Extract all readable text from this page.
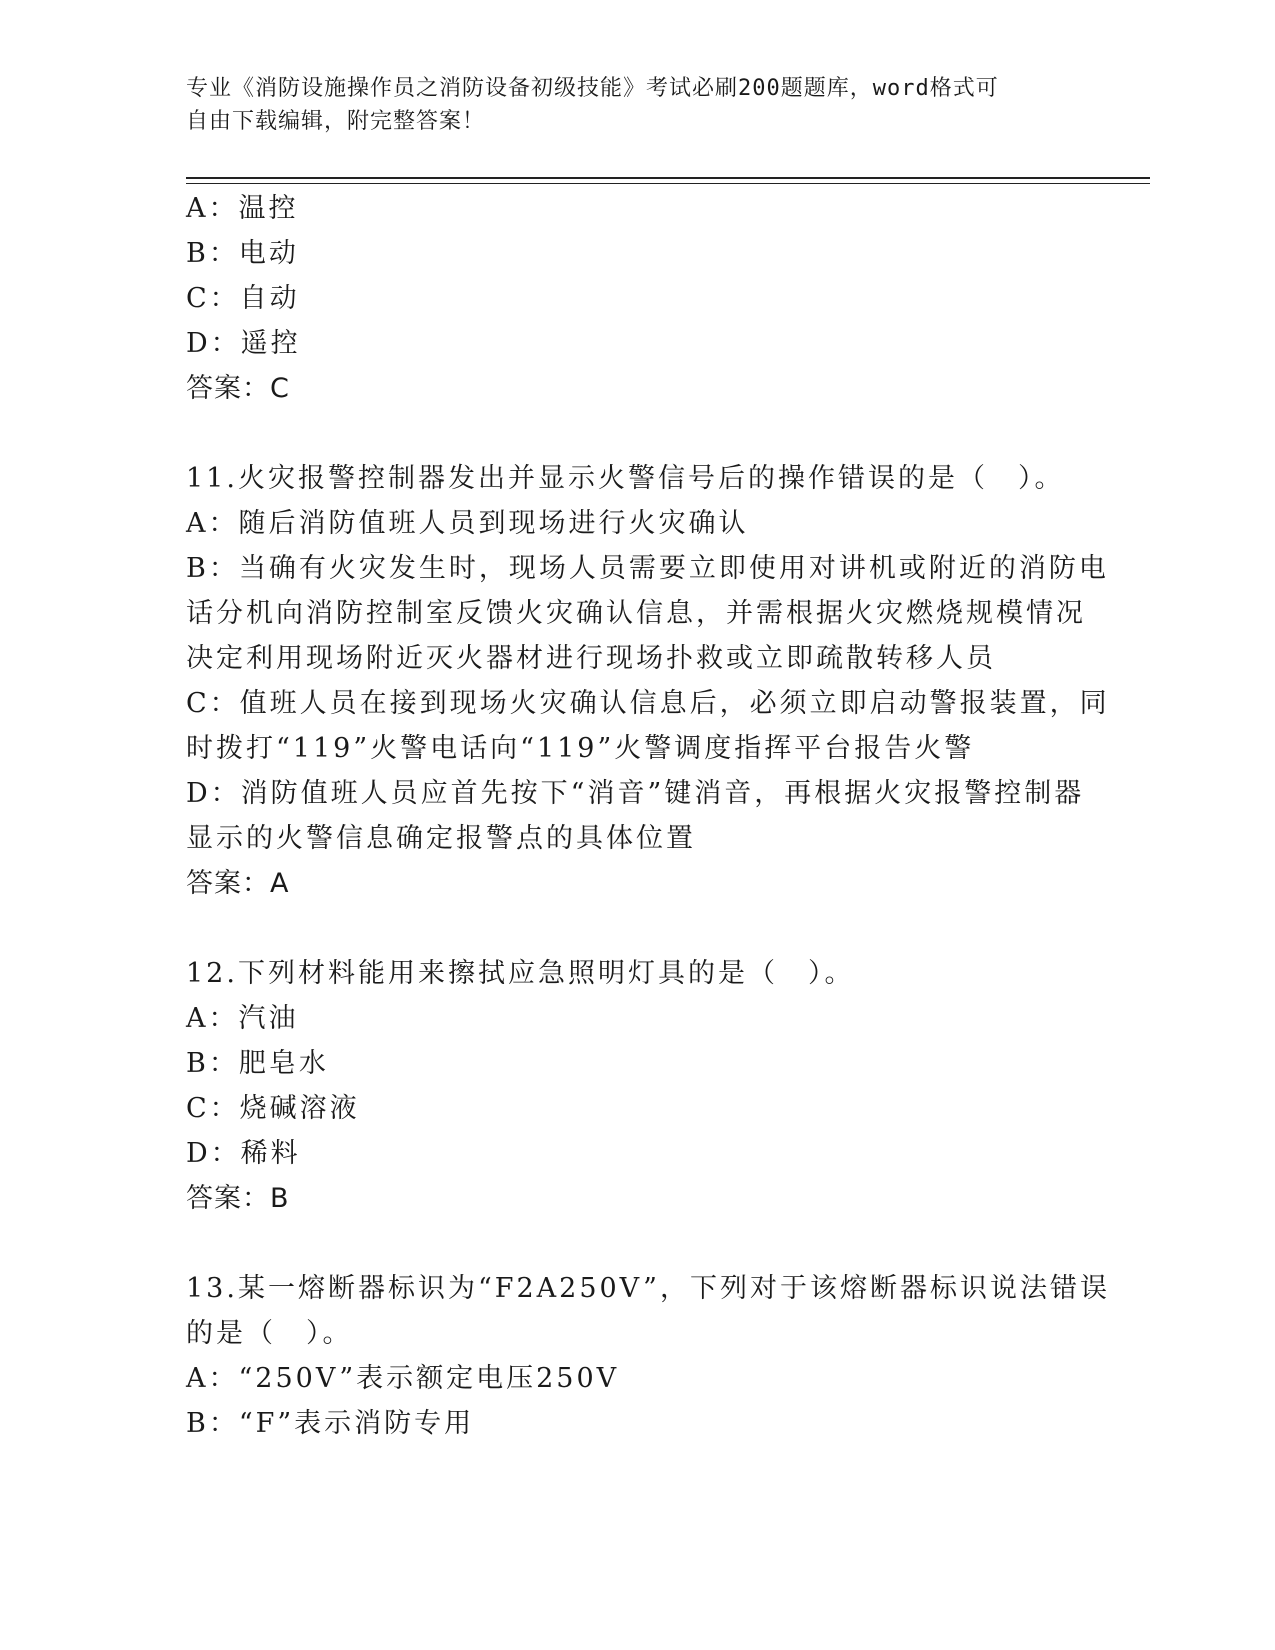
专业《消防设施操作员之消防设备初级技能》考试必刷200题题库，word格式可
自由下载编辑，附完整答案！
A：温控
B：电动
C：自动
D：遥控
答案：C
11.火灾报警控制器发出并显示火警信号后的操作错误的是（　）。
A：随后消防值班人员到现场进行火灾确认
B：当确有火灾发生时，现场人员需要立即使用对讲机或附近的消防电
话分机向消防控制室反馈火灾确认信息，并需根据火灾燃烧规模情况
决定利用现场附近灭火器材进行现场扑救或立即疏散转移人员
C：值班人员在接到现场火灾确认信息后，必须立即启动警报装置，同
时拨打“119”火警电话向“119”火警调度指挥平台报告火警
D：消防值班人员应首先按下“消音”键消音，再根据火灾报警控制器
显示的火警信息确定报警点的具体位置
答案：A
12.下列材料能用来擦拭应急照明灯具的是（　）。
A：汽油
B：肥皂水
C：烧碱溶液
D：稀料
答案：B
13.某一熔断器标识为“F2A250V”，下列对于该熔断器标识说法错误
的是（　）。
A：“250V”表示额定电压250V
B：“F”表示消防专用
